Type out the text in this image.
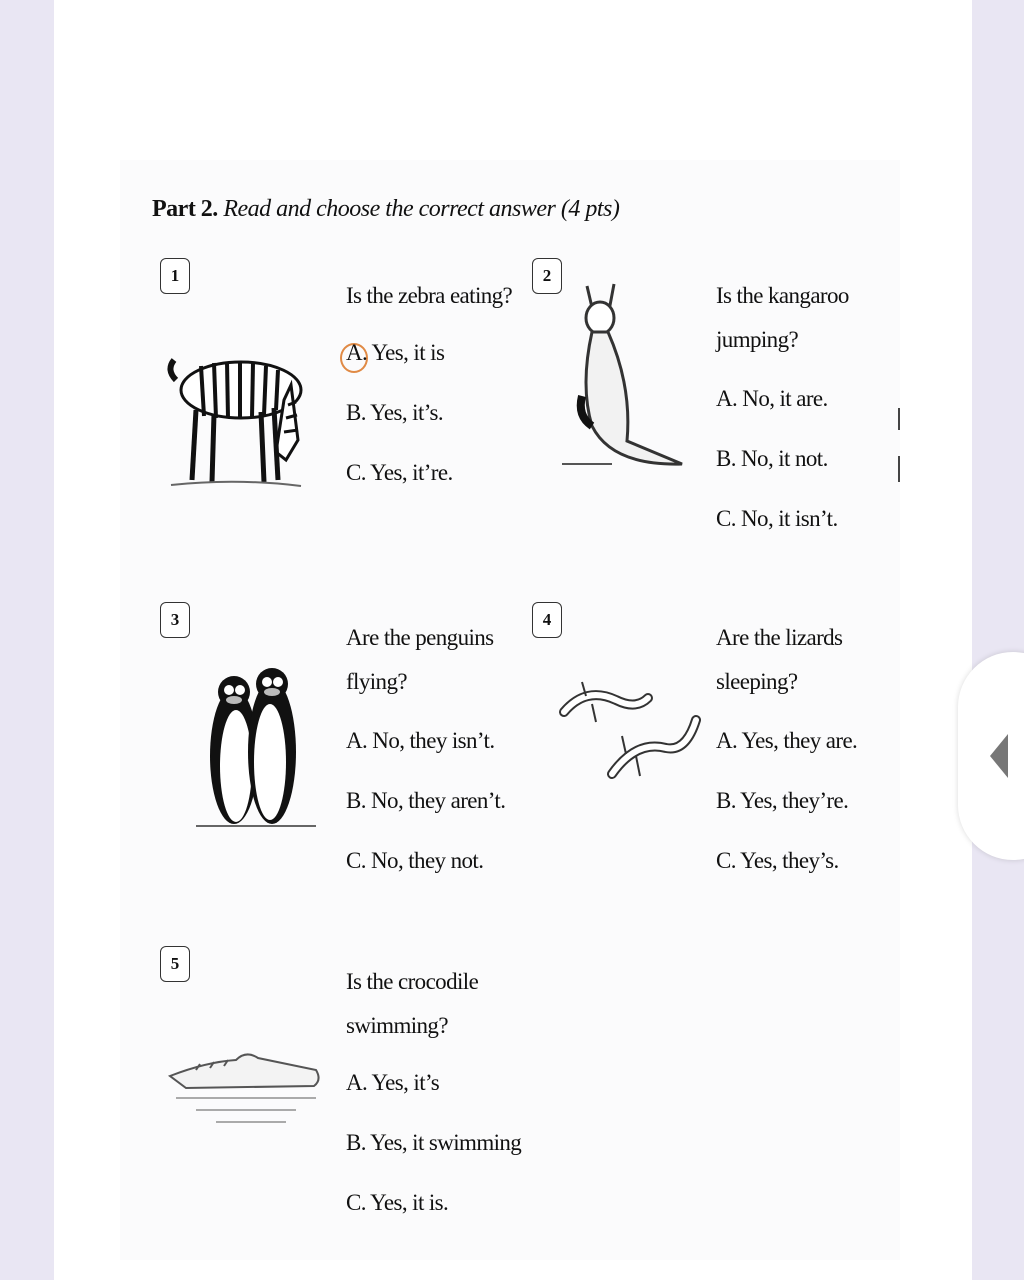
Part 2. Read and choose the correct answer (4 pts)
1
Is the zebra eating?
A. Yes, it is
B. Yes, it’s.
C. Yes, it’re.
2
Is the kangaroo
jumping?
A. No, it are.
B. No, it not.
C. No, it isn’t.
3
Are the penguins
flying?
A. No, they isn’t.
B. No, they aren’t.
C. No, they not.
4
Are the lizards
sleeping?
A. Yes, they are.
B. Yes, they’re.
C. Yes, they’s.
5
Is the crocodile
swimming?
A. Yes, it’s
B. Yes, it swimming
C. Yes, it is.
